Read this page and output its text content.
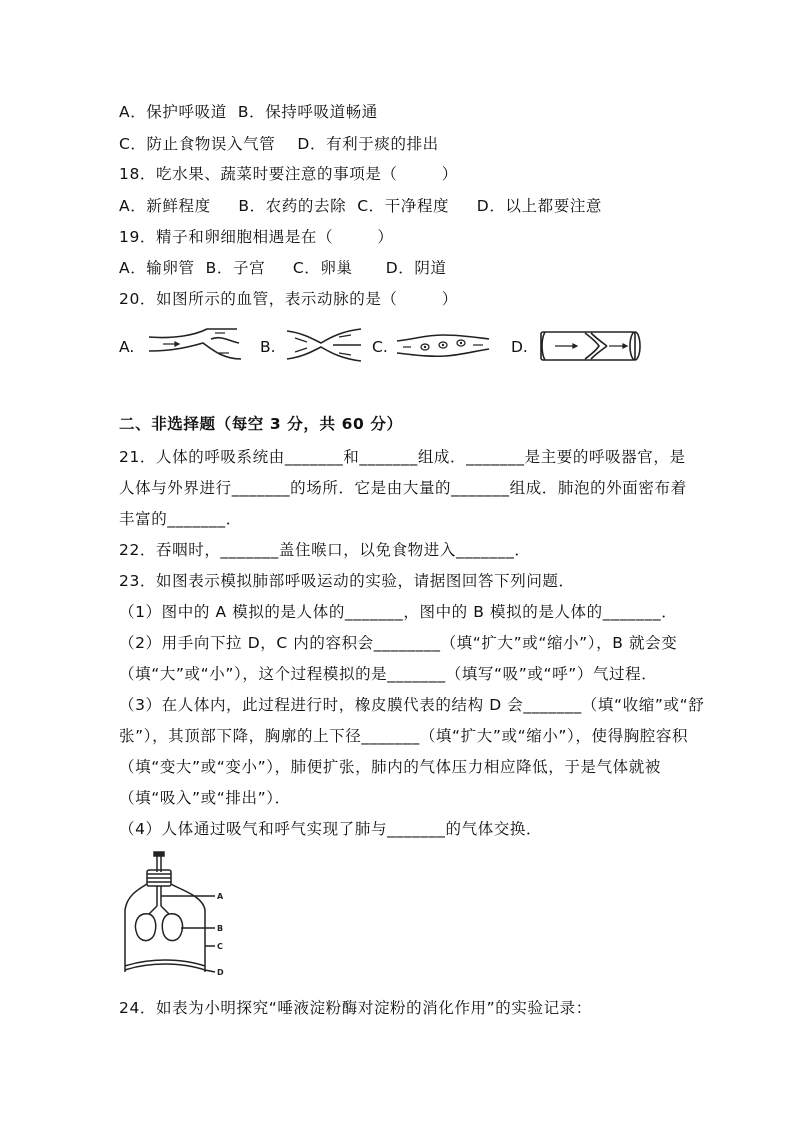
A．保护呼吸道  B．保持呼吸道畅通
C．防止食物误入气管    D．有利于痰的排出
18．吃水果、蔬菜时要注意的事项是（        ）
A．新鲜程度     B．农药的去除  C．干净程度     D．以上都要注意
19．精子和卵细胞相遇是在（        ）
A．输卵管  B．子宫     C．卵巢      D．阴道
20．如图所示的血管，表示动脉的是（        ）
A.	B.	C.	D.
二、非选择题（每空 3 分，共 60 分）
21．人体的呼吸系统由_______和_______组成．_______是主要的呼吸器官，是
人体与外界进行_______的场所．它是由大量的_______组成．肺泡的外面密布着
丰富的_______．
22．吞咽时，_______盖住喉口，以免食物进入_______．
23．如图表示模拟肺部呼吸运动的实验，请据图回答下列问题．
（1）图中的 A 模拟的是人体的_______，图中的 B 模拟的是人体的_______．
（2）用手向下拉 D，C 内的容积会________（填“扩大”或“缩小”），B 就会变
（填“大”或“小”），这个过程模拟的是_______（填写“吸”或“呼”）气过程．
（3）在人体内，此过程进行时，橡皮膜代表的结构 D 会_______（填“收缩”或“舒
张”），其顶部下降，胸廓的上下径_______（填“扩大”或“缩小”），使得胸腔容积
（填“变大”或“变小”），肺便扩张，肺内的气体压力相应降低，于是气体就被
（填“吸入”或“排出”）．
（4）人体通过吸气和呼气实现了肺与_______的气体交换．
A
B
C
D
24．如表为小明探究“唾液淀粉酶对淀粉的消化作用”的实验记录：
